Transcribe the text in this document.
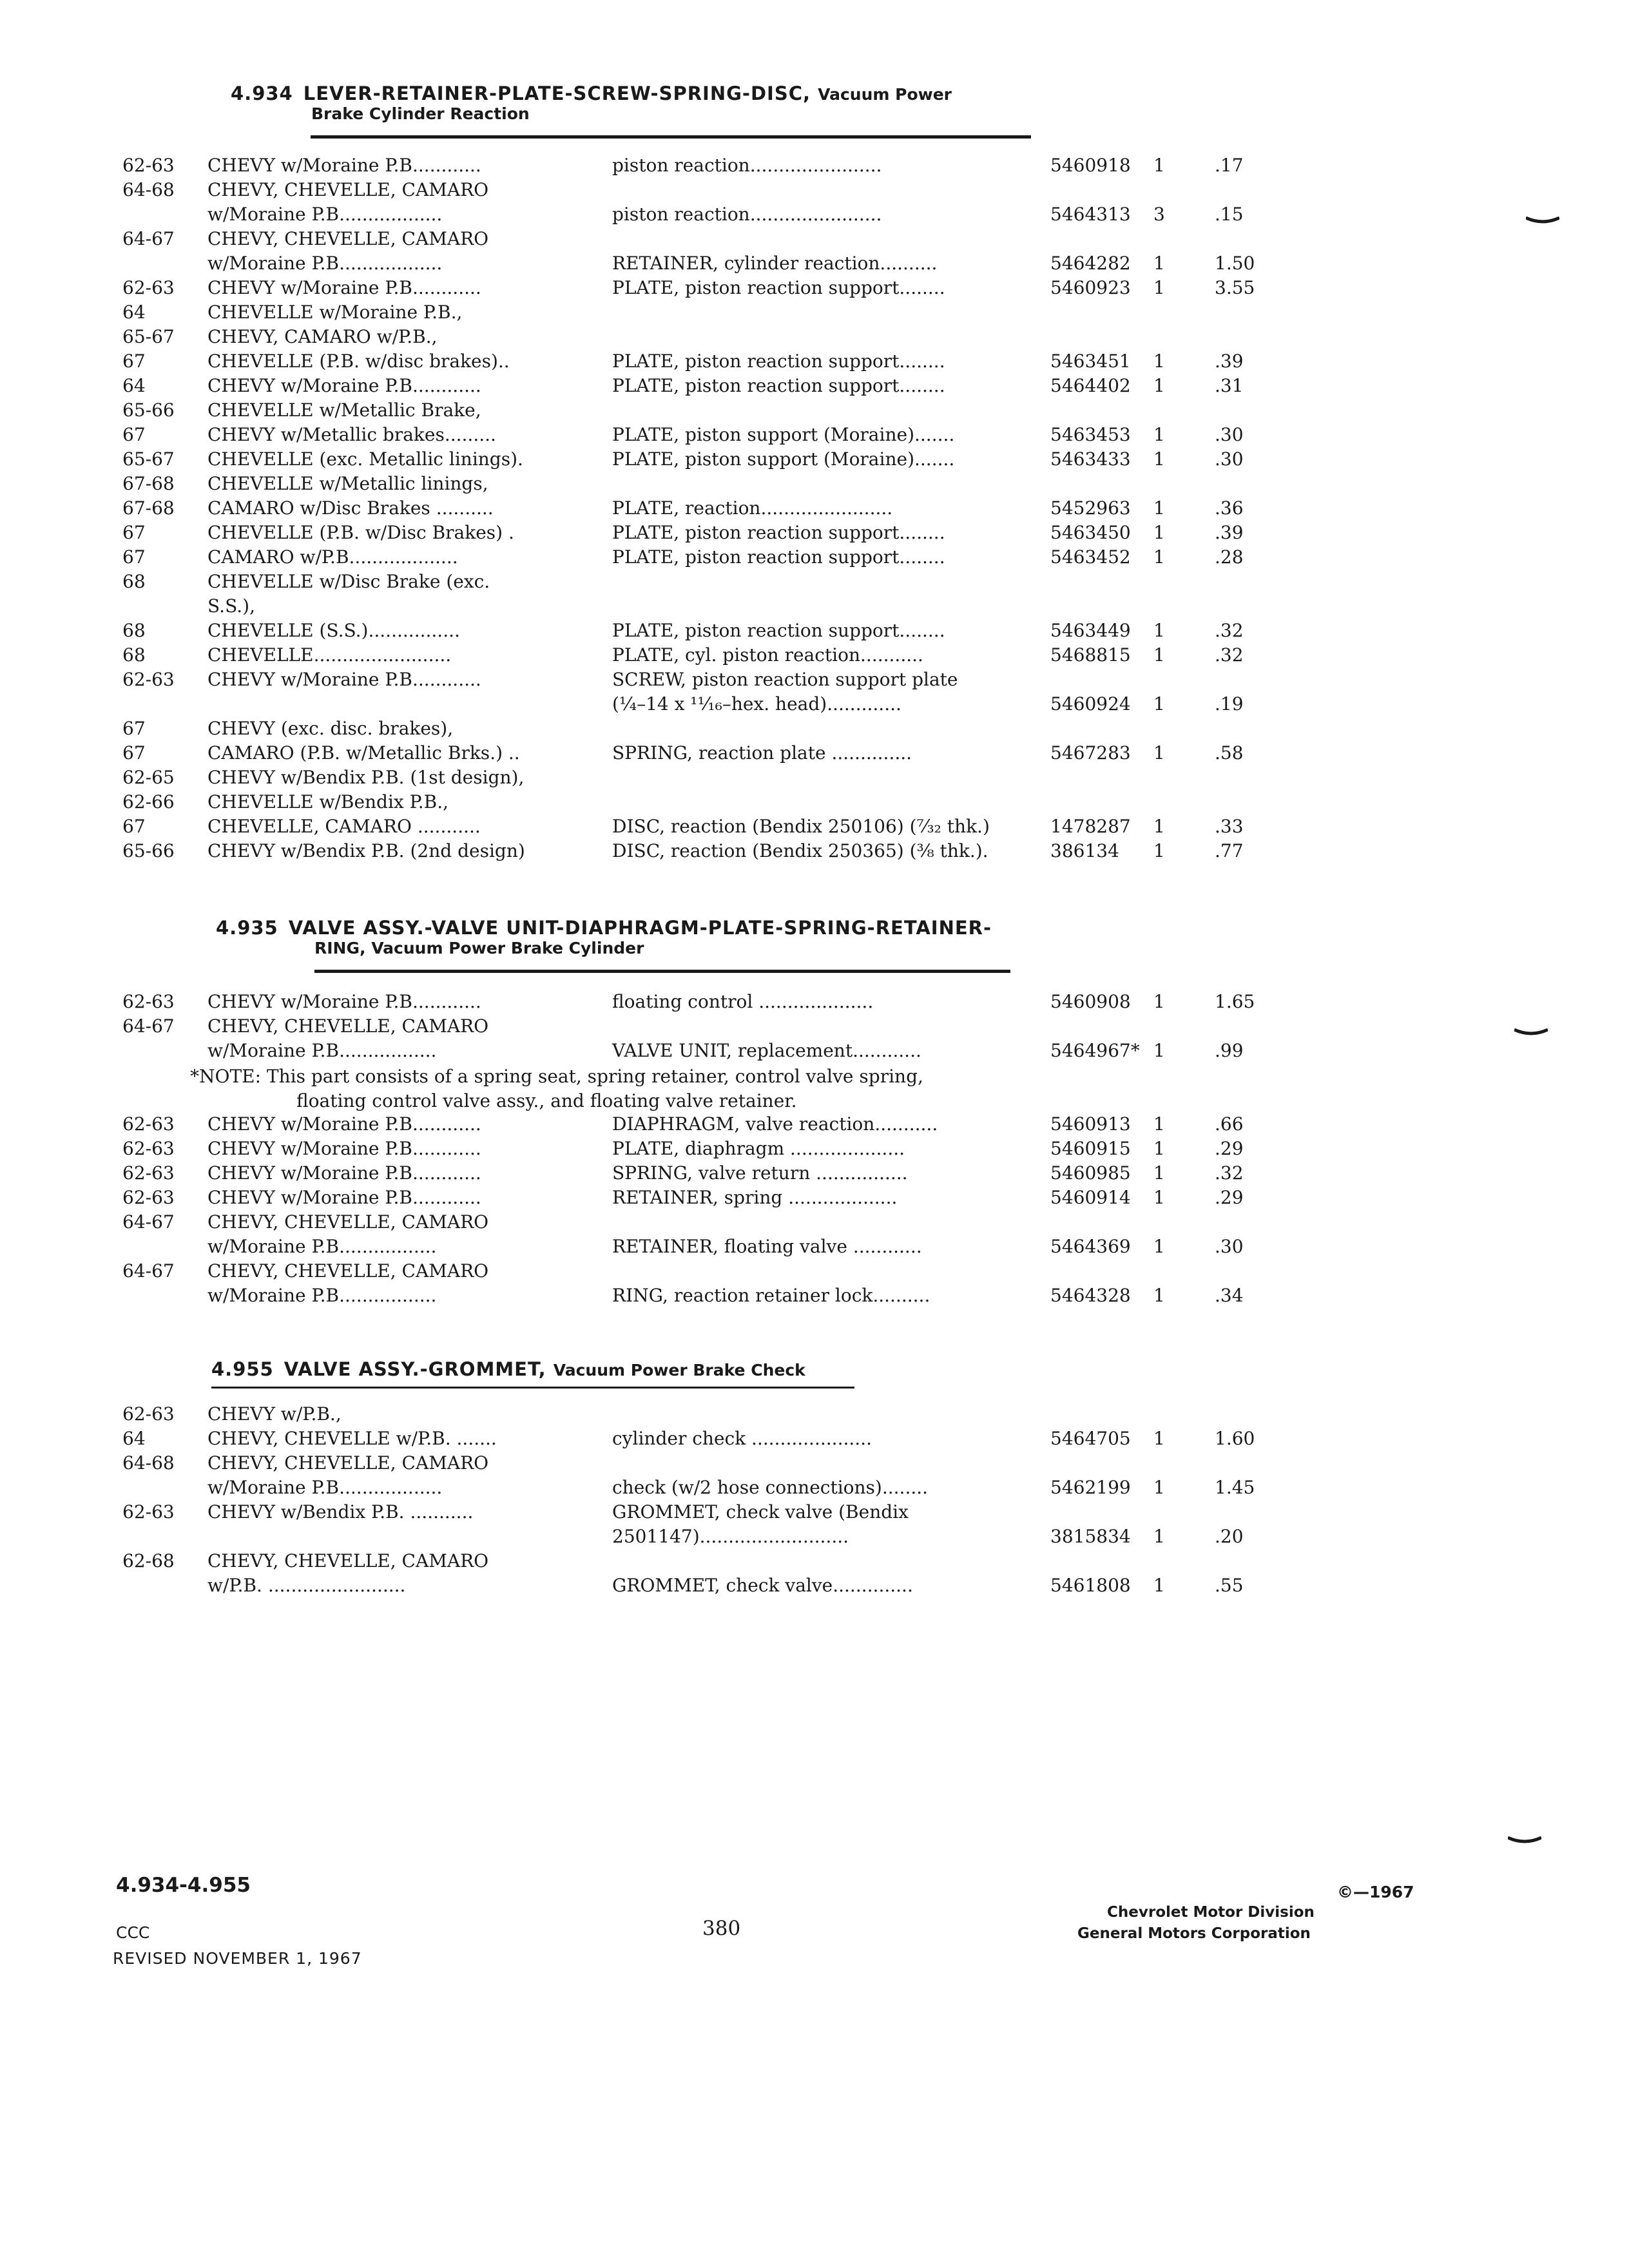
4.934 LEVER-RETAINER-PLATE-SCREW-SPRING-DISC, Vacuum Power
Brake Cylinder Reaction
62-63 CHEVY w/Moraine P.B............	piston reaction.......................	5460918 1	.17
64-68 CHEVY, CHEVELLE, CAMARO
w/Moraine P.B..................	piston reaction.......................	5464313 3	.15
64-67 CHEVY, CHEVELLE, CAMARO
w/Moraine P.B..................	RETAINER, cylinder reaction..........	5464282 1	1.50
62-63 CHEVY w/Moraine P.B............	PLATE, piston reaction support........	5460923 1	3.55
64	CHEVELLE w/Moraine P.B.,
65-67 CHEVY, CAMARO w/P.B.,
67	CHEVELLE (P.B. w/disc brakes)..	PLATE, piston reaction support........	5463451 1	.39
64	CHEVY w/Moraine P.B............	PLATE, piston reaction support........	5464402 1	.31
65-66 CHEVELLE w/Metallic Brake,
67	CHEVY w/Metallic brakes.........	PLATE, piston support (Moraine).......	5463453 1	.30
65-67 CHEVELLE (exc. Metallic linings).	PLATE, piston support (Moraine).......	5463433 1	.30
67-68 CHEVELLE w/Metallic linings,
67-68 CAMARO w/Disc Brakes ..........	PLATE, reaction.......................	5452963 1	.36
67	CHEVELLE (P.B. w/Disc Brakes) .	PLATE, piston reaction support........	5463450 1	.39
67	CAMARO w/P.B...................	PLATE, piston reaction support........	5463452 1	.28
68	CHEVELLE w/Disc Brake (exc.
S.S.),
68	CHEVELLE (S.S.)................	PLATE, piston reaction support........	5463449 1	.32
68	CHEVELLE........................	PLATE, cyl. piston reaction...........	5468815 1	.32
62-63 CHEVY w/Moraine P.B............	SCREW, piston reaction support plate
(¼–14 x ¹¹⁄₁₆–hex. head).............	5460924 1	.19
67	CHEVY (exc. disc. brakes),
67	CAMARO (P.B. w/Metallic Brks.) ..	SPRING, reaction plate ..............	5467283 1	.58
62-65 CHEVY w/Bendix P.B. (1st design),
62-66 CHEVELLE w/Bendix P.B.,
67	CHEVELLE, CAMARO ...........	DISC, reaction (Bendix 250106) (⁷⁄₃₂ thk.)	1478287 1	.33
65-66 CHEVY w/Bendix P.B. (2nd design)	DISC, reaction (Bendix 250365) (³⁄₈ thk.).	386134 1	.77
4.935 VALVE ASSY.-VALVE UNIT-DIAPHRAGM-PLATE-SPRING-RETAINER-
RING, Vacuum Power Brake Cylinder
62-63 CHEVY w/Moraine P.B............	floating control ....................	5460908 1	1.65
64-67 CHEVY, CHEVELLE, CAMARO
w/Moraine P.B.................	VALVE UNIT, replacement............	5464967* 1	.99
*NOTE: This part consists of a spring seat, spring retainer, control valve spring,
floating control valve assy., and floating valve retainer.
62-63 CHEVY w/Moraine P.B............	DIAPHRAGM, valve reaction...........	5460913 1	.66
62-63 CHEVY w/Moraine P.B............	PLATE, diaphragm ....................	5460915 1	.29
62-63 CHEVY w/Moraine P.B............	SPRING, valve return ................	5460985 1	.32
62-63 CHEVY w/Moraine P.B............	RETAINER, spring ...................	5460914 1	.29
64-67 CHEVY, CHEVELLE, CAMARO
w/Moraine P.B.................	RETAINER, floating valve ............	5464369 1	.30
64-67 CHEVY, CHEVELLE, CAMARO
w/Moraine P.B.................	RING, reaction retainer lock..........	5464328 1	.34
4.955 VALVE ASSY.-GROMMET, Vacuum Power Brake Check
62-63 CHEVY w/P.B.,
64	CHEVY, CHEVELLE w/P.B. .......	cylinder check .....................	5464705 1	1.60
64-68 CHEVY, CHEVELLE, CAMARO
w/Moraine P.B..................	check (w/2 hose connections)........	5462199 1	1.45
62-63 CHEVY w/Bendix P.B. ...........	GROMMET, check valve (Bendix
2501147)..........................	3815834 1	.20
62-68 CHEVY, CHEVELLE, CAMARO
w/P.B. ........................	GROMMET, check valve..............	5461808 1	.55
4.934-4.955
CCC
REVISED NOVEMBER 1, 1967
380
©—1967
Chevrolet Motor Division
General Motors Corporation
